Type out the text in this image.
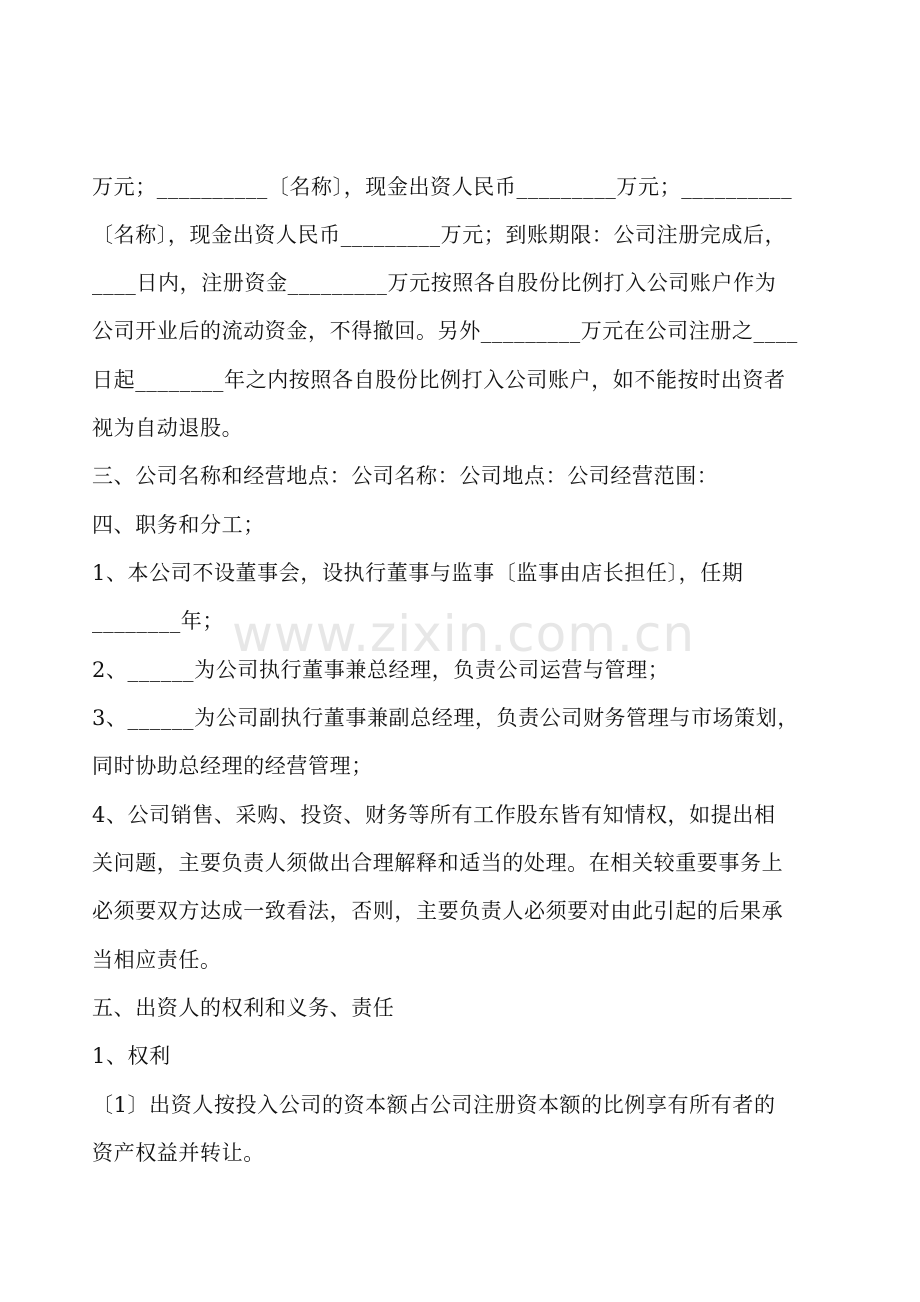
万元；__________〔名称〕，现金出资人民币_________万元；__________
〔名称〕，现金出资人民币_________万元；到账期限：公司注册完成后，
____日内，注册资金_________万元按照各自股份比例打入公司账户作为
公司开业后的流动资金，不得撤回。另外_________万元在公司注册之____
日起________年之内按照各自股份比例打入公司账户，如不能按时出资者
视为自动退股。
三、公司名称和经营地点：公司名称：公司地点：公司经营范围：
四、职务和分工；
1、本公司不设董事会，设执行董事与监事〔监事由店长担任〕，任期
________年；
2、______为公司执行董事兼总经理，负责公司运营与管理；
3、______为公司副执行董事兼副总经理，负责公司财务管理与市场策划，
同时协助总经理的经营管理；
4、公司销售、采购、投资、财务等所有工作股东皆有知情权，如提出相
关问题，主要负责人须做出合理解释和适当的处理。在相关较重要事务上
必须要双方达成一致看法，否则，主要负责人必须要对由此引起的后果承
当相应责任。
五、出资人的权利和义务、责任
1、权利
〔1〕出资人按投入公司的资本额占公司注册资本额的比例享有所有者的
资产权益并转让。
www.zixin.com.cn
